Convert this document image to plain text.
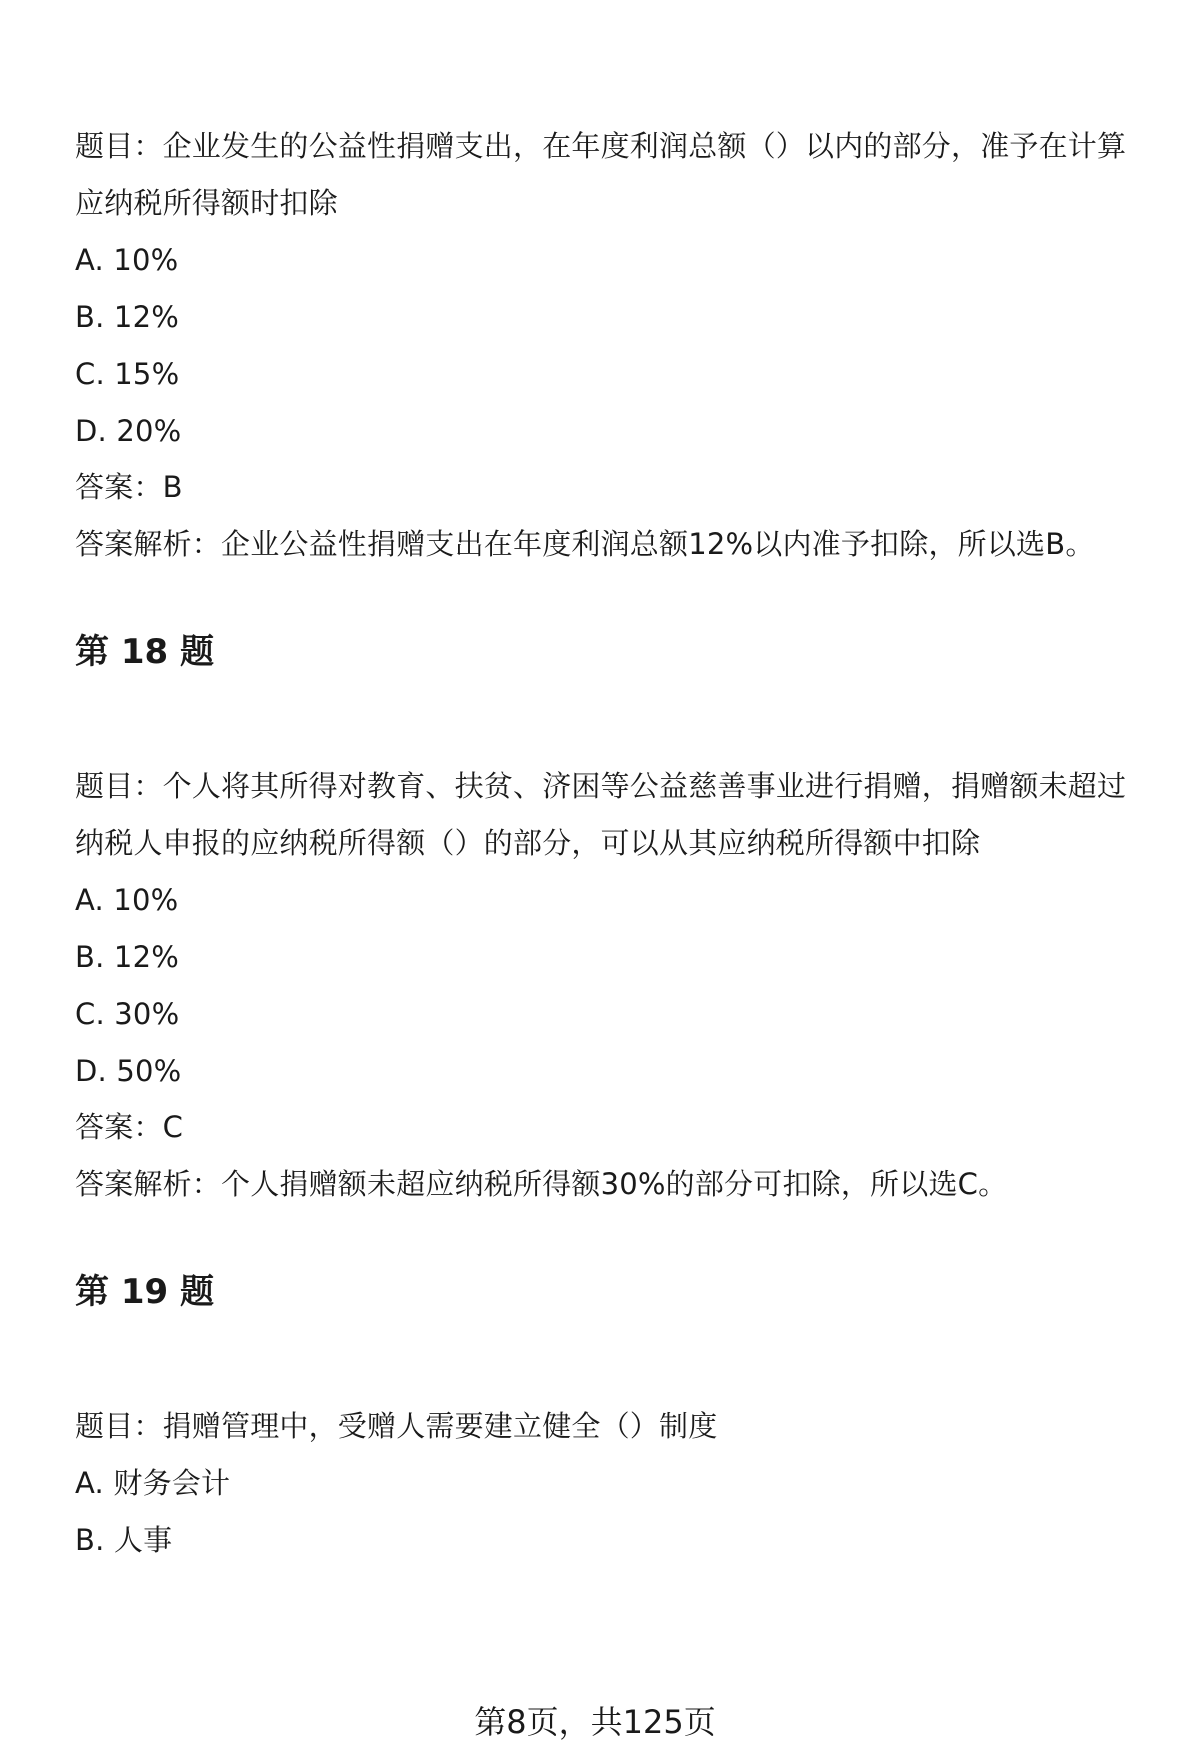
题目：企业发生的公益性捐赠支出，在年度利润总额（）以内的部分，准予在计算
应纳税所得额时扣除
A. 10%
B. 12%
C. 15%
D. 20%
答案：B
答案解析：企业公益性捐赠支出在年度利润总额12%以内准予扣除，所以选B。
第 18 题
题目：个人将其所得对教育、扶贫、济困等公益慈善事业进行捐赠，捐赠额未超过
纳税人申报的应纳税所得额（）的部分，可以从其应纳税所得额中扣除
A. 10%
B. 12%
C. 30%
D. 50%
答案：C
答案解析：个人捐赠额未超应纳税所得额30%的部分可扣除，所以选C。
第 19 题
题目：捐赠管理中，受赠人需要建立健全（）制度
A. 财务会计
B. 人事
第8页，共125页
